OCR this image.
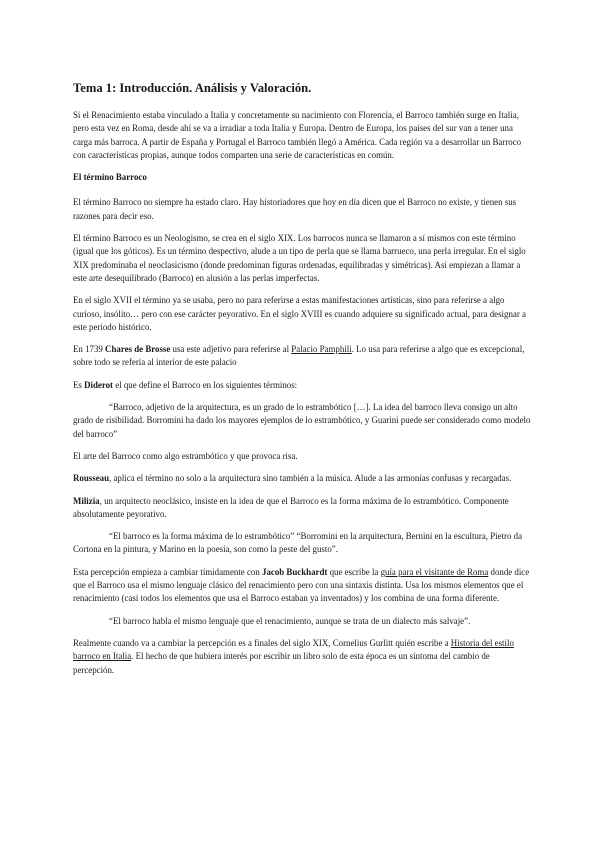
Tema 1: Introducción. Análisis y Valoración.

Si el Renacimiento estaba vinculado a Italia y concretamente su nacimiento con Florencia, el Barroco también surge en Italia, pero esta vez en Roma, desde ahí se va a irradiar a toda Italia y Europa. Dentro de Europa, los países del sur van a tener una carga más barroca. A partir de España y Portugal el Barroco también llegó a América. Cada región va a desarrollar un Barroco con características propias, aunque todos comparten una serie de características en común.

El término Barroco

El término Barroco no siempre ha estado claro. Hay historiadores que hoy en día dicen que el Barroco no existe, y tienen sus razones para decir eso.

El término Barroco es un Neologismo, se crea en el siglo XIX. Los barrocos nunca se llamaron a sí mismos con este término (igual que los góticos). Es un término despectivo, alude a un tipo de perla que se llama barrueco, una perla irregular. En el siglo XIX predominaba el neoclasicismo (donde predominan figuras ordenadas, equilibradas y simétricas). Así empiezan a llamar a este arte desequilibrado (Barroco) en alusión a las perlas imperfectas.

En el siglo XVII el término ya se usaba, pero no para referirse a estas manifestaciones artísticas, sino para referirse a algo curioso, insólito… pero con ese carácter peyorativo. En el siglo XVIII es cuando adquiere su significado actual, para designar a este periodo histórico.

En 1739 Chares de Brosse usa este adjetivo para referirse al Palacio Pamphili. Lo usa para referirse a algo que es excepcional, sobre todo se refería al interior de este palacio

Es Diderot el que define el Barroco en los siguientes términos:

“Barroco, adjetivo de la arquitectura, es un grado de lo estrambótico […]. La idea del barroco lleva consigo un alto grado de risibilidad. Borromini ha dado los mayores ejemplos de lo estrambótico, y Guarini puede ser considerado como modelo del barroco”

El arte del Barroco como algo estrambótico y que provoca risa.

Rousseau, aplica el término no solo a la arquitectura sino también a la música. Alude a las armonías confusas y recargadas.

Milizia, un arquitecto neoclásico, insiste en la idea de que el Barroco es la forma máxima de lo estrambótico. Componente absolutamente peyorativo.

“El barroco es la forma máxima de lo estrambótico” “Borromini en la arquitectura, Bernini en la escultura, Pietro da Cortona en la pintura, y Marino en la poesía, son como la peste del gusto”.

Esta percepción empieza a cambiar tímidamente con Jacob Buckhardt que escribe la guía para el visitante de Roma donde dice que el Barroco usa el mismo lenguaje clásico del renacimiento pero con una sintaxis distinta. Usa los mismos elementos que el renacimiento (casi todos los elementos que usa el Barroco estaban ya inventados) y los combina de una forma diferente.

“El barroco habla el mismo lenguaje que el renacimiento, aunque se trata de un dialecto más salvaje”.

Realmente cuando va a cambiar la percepción es a finales del siglo XIX, Cornelius Gurlitt quién escribe a Historia del estilo barroco en Italia. El hecho de que hubiera interés por escribir un libro solo de esta época es un síntoma del cambio de percepción.
